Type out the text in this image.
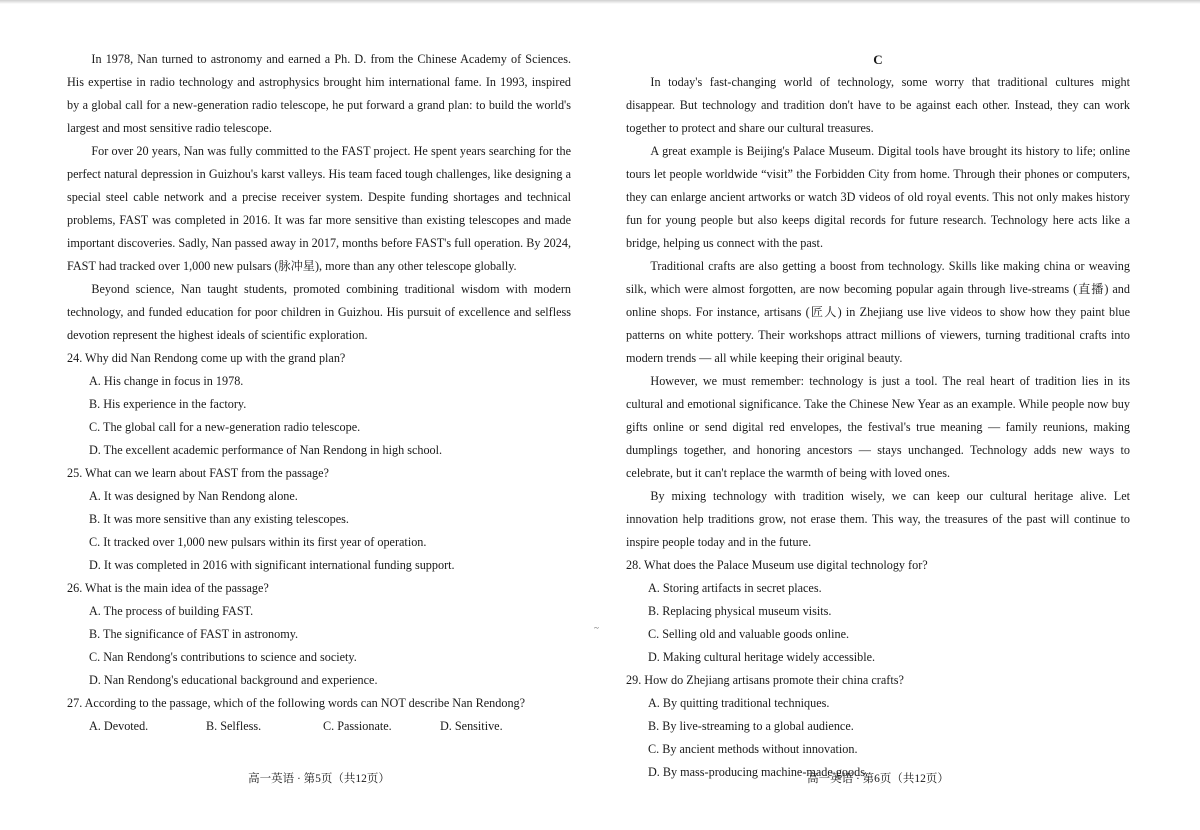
In 1978, Nan turned to astronomy and earned a Ph. D. from the Chinese Academy of Sciences. His expertise in radio technology and astrophysics brought him international fame. In 1993, inspired by a global call for a new-generation radio telescope, he put forward a grand plan: to build the world's largest and most sensitive radio telescope.

For over 20 years, Nan was fully committed to the FAST project. He spent years searching for the perfect natural depression in Guizhou's karst valleys. His team faced tough challenges, like designing a special steel cable network and a precise receiver system. Despite funding shortages and technical problems, FAST was completed in 2016. It was far more sensitive than existing telescopes and made important discoveries. Sadly, Nan passed away in 2017, months before FAST's full operation. By 2024, FAST had tracked over 1,000 new pulsars (脉冲星), more than any other telescope globally.

Beyond science, Nan taught students, promoted combining traditional wisdom with modern technology, and funded education for poor children in Guizhou. His pursuit of excellence and selfless devotion represent the highest ideals of scientific exploration.

24. Why did Nan Rendong come up with the grand plan?
A. His change in focus in 1978.
B. His experience in the factory.
C. The global call for a new-generation radio telescope.
D. The excellent academic performance of Nan Rendong in high school.
25. What can we learn about FAST from the passage?
A. It was designed by Nan Rendong alone.
B. It was more sensitive than any existing telescopes.
C. It tracked over 1,000 new pulsars within its first year of operation.
D. It was completed in 2016 with significant international funding support.
26. What is the main idea of the passage?
A. The process of building FAST.
B. The significance of FAST in astronomy.
C. Nan Rendong's contributions to science and society.
D. Nan Rendong's educational background and experience.
27. According to the passage, which of the following words can NOT describe Nan Rendong?
A. Devoted.	B. Selfless.	C. Passionate.	D. Sensitive.
高一英语 · 第5页（共12页）
~

C

In today's fast-changing world of technology, some worry that traditional cultures might disappear. But technology and tradition don't have to be against each other. Instead, they can work together to protect and share our cultural treasures.

A great example is Beijing's Palace Museum. Digital tools have brought its history to life; online tours let people worldwide “visit” the Forbidden City from home. Through their phones or computers, they can enlarge ancient artworks or watch 3D videos of old royal events. This not only makes history fun for young people but also keeps digital records for future research. Technology here acts like a bridge, helping us connect with the past.

Traditional crafts are also getting a boost from technology. Skills like making china or weaving silk, which were almost forgotten, are now becoming popular again through live-streams (直播) and online shops. For instance, artisans (匠人) in Zhejiang use live videos to show how they paint blue patterns on white pottery. Their workshops attract millions of viewers, turning traditional crafts into modern trends — all while keeping their original beauty.

However, we must remember: technology is just a tool. The real heart of tradition lies in its cultural and emotional significance. Take the Chinese New Year as an example. While people now buy gifts online or send digital red envelopes, the festival's true meaning — family reunions, making dumplings together, and honoring ancestors — stays unchanged. Technology adds new ways to celebrate, but it can't replace the warmth of being with loved ones.

By mixing technology with tradition wisely, we can keep our cultural heritage alive. Let innovation help traditions grow, not erase them. This way, the treasures of the past will continue to inspire people today and in the future.

28. What does the Palace Museum use digital technology for?
A. Storing artifacts in secret places.
B. Replacing physical museum visits.
C. Selling old and valuable goods online.
D. Making cultural heritage widely accessible.
29. How do Zhejiang artisans promote their china crafts?
A. By quitting traditional techniques.
B. By live-streaming to a global audience.
C. By ancient methods without innovation.
D. By mass-producing machine-made goods.
高一英语 · 第6页（共12页）
